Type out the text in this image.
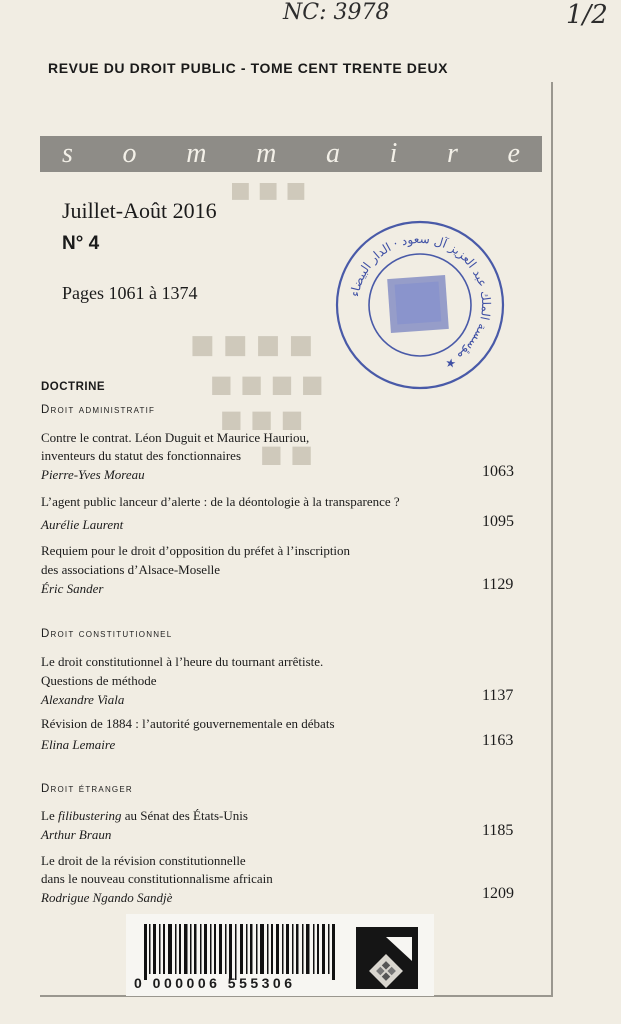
■ ■ ■
■ ■ ■ ■
■ ■ ■ ■
■ ■ ■
■ ■
NC: 3978	1/2
REVUE DU DROIT PUBLIC - TOME CENT TRENTE DEUX
s o m m a i r e
Juillet-Août 2016
N° 4
Pages 1061 à 1374	مؤسسة الملك عبد العزيز آل سعود · الدار البيضاء ★
DOCTRINE
Droit administratif
Contre le contrat. Léon Duguit et Maurice Hauriou,
inventeurs du statut des fonctionnaires
Pierre-Yves Moreau	1063
L’agent public lanceur d’alerte : de la déontologie à la transparence ?
Aurélie Laurent	1095
Requiem pour le droit d’opposition du préfet à l’inscription
des associations d’Alsace-Moselle
Éric Sander	1129
Droit constitutionnel
Le droit constitutionnel à l’heure du tournant arrêtiste.
Questions de méthode
Alexandre Viala	1137
Révision de 1884 : l’autorité gouvernementale en débats
Elina Lemaire	1163
Droit étranger
Le filibustering au Sénat des États-Unis
Arthur Braun	1185
Le droit de la révision constitutionnelle
dans le nouveau constitutionnalisme africain
Rodrigue Ngando Sandjè	1209
0 000006 555306
